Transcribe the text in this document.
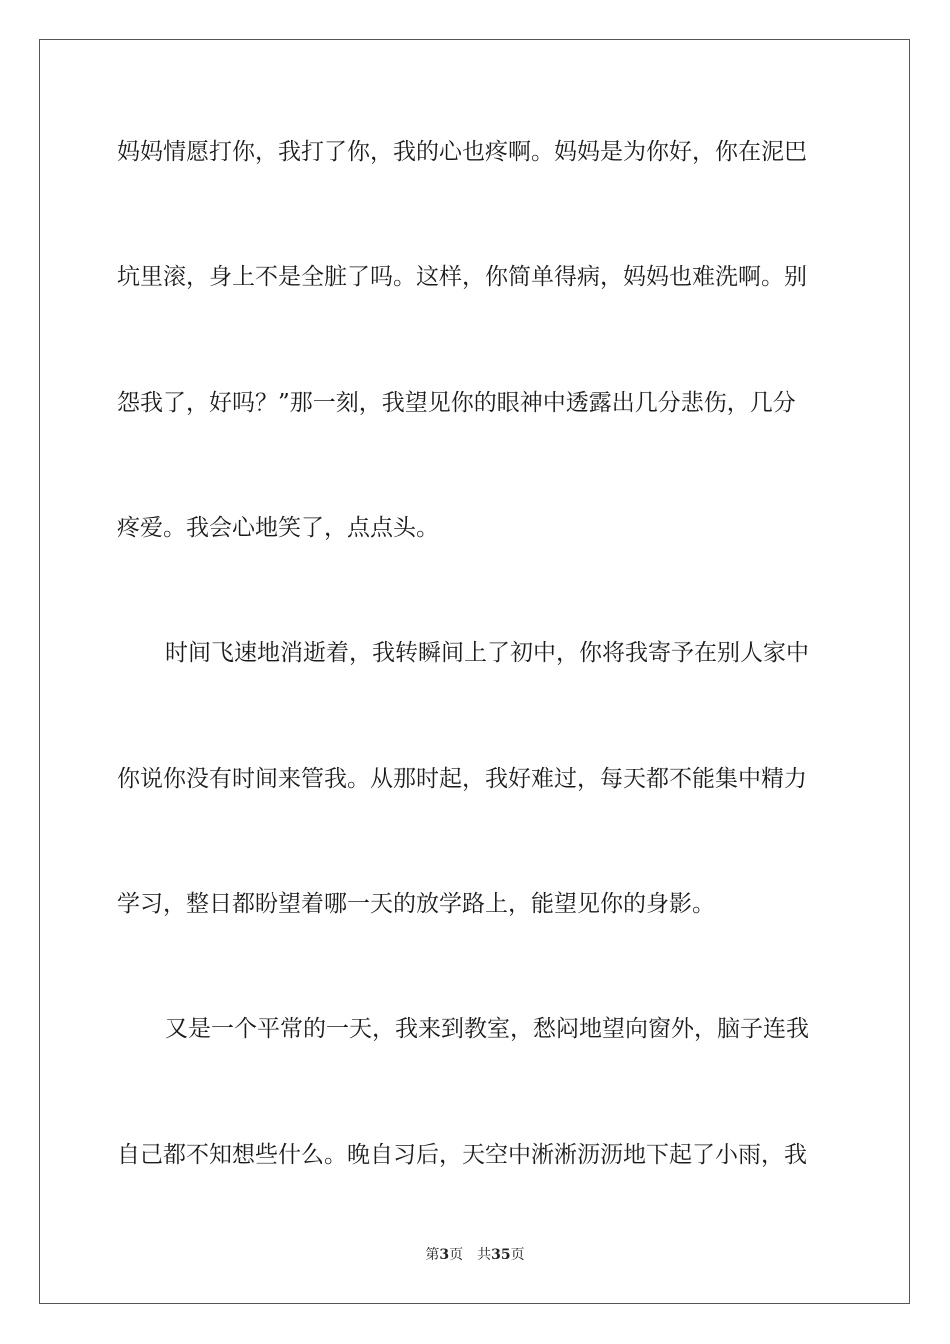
妈妈情愿打你，我打了你，我的心也疼啊。妈妈是为你好，你在泥巴
坑里滚，身上不是全脏了吗。这样，你简单得病，妈妈也难洗啊。别
怨我了，好吗？”那一刻，我望见你的眼神中透露出几分悲伤，几分
疼爱。我会心地笑了，点点头。
时间飞速地消逝着，我转瞬间上了初中，你将我寄予在别人家中
你说你没有时间来管我。从那时起，我好难过，每天都不能集中精力
学习，整日都盼望着哪一天的放学路上，能望见你的身影。
又是一个平常的一天，我来到教室，愁闷地望向窗外，脑子连我
自己都不知想些什么。晚自习后，天空中淅淅沥沥地下起了小雨，我
第3页 共35页
